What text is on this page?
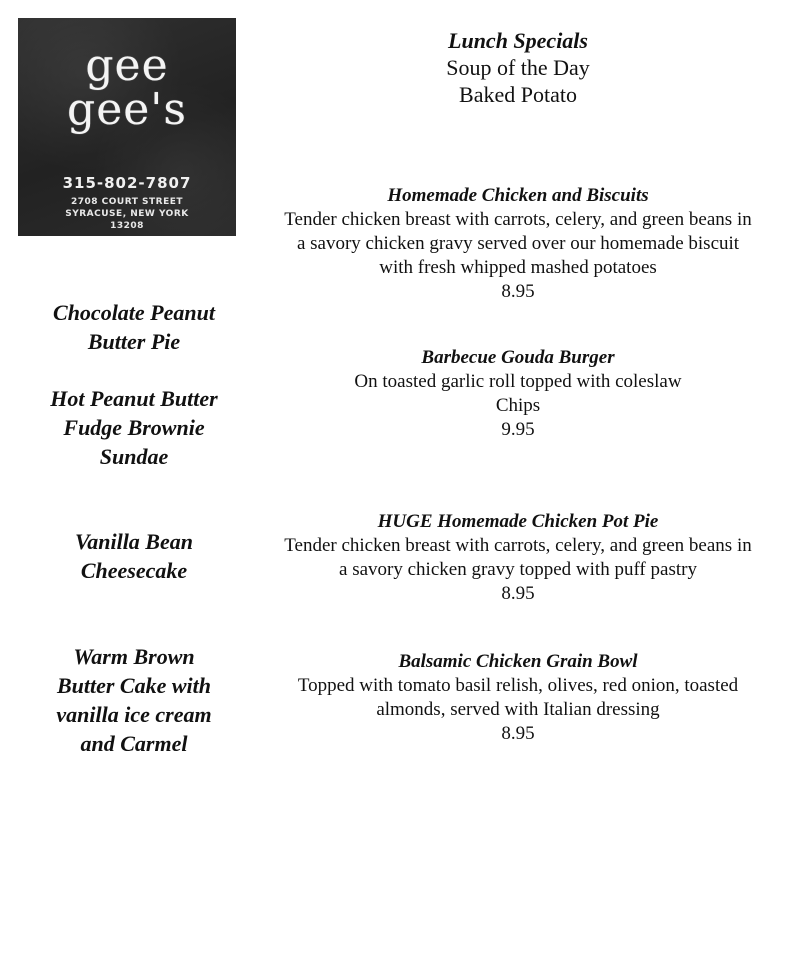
gee gee's
315-802-7807
2708 COURT STREET
SYRACUSE, NEW YORK
13208
Lunch Specials
Soup of the Day
Baked Potato
Homemade Chicken and Biscuits
Tender chicken breast with carrots, celery, and green beans in
a savory chicken gravy served over our homemade biscuit
with fresh whipped mashed potatoes
8.95
Barbecue Gouda Burger
On toasted garlic roll topped with coleslaw
Chips
9.95
HUGE Homemade Chicken Pot Pie
Tender chicken breast with carrots, celery, and green beans in
a savory chicken gravy topped with puff pastry
8.95
Balsamic Chicken Grain Bowl
Topped with tomato basil relish, olives, red onion, toasted
almonds, served with Italian dressing
8.95
Chocolate Peanut
Butter Pie
Hot Peanut Butter
Fudge Brownie
Sundae
Vanilla Bean
Cheesecake
Warm Brown
Butter Cake with
vanilla ice cream
and Carmel
